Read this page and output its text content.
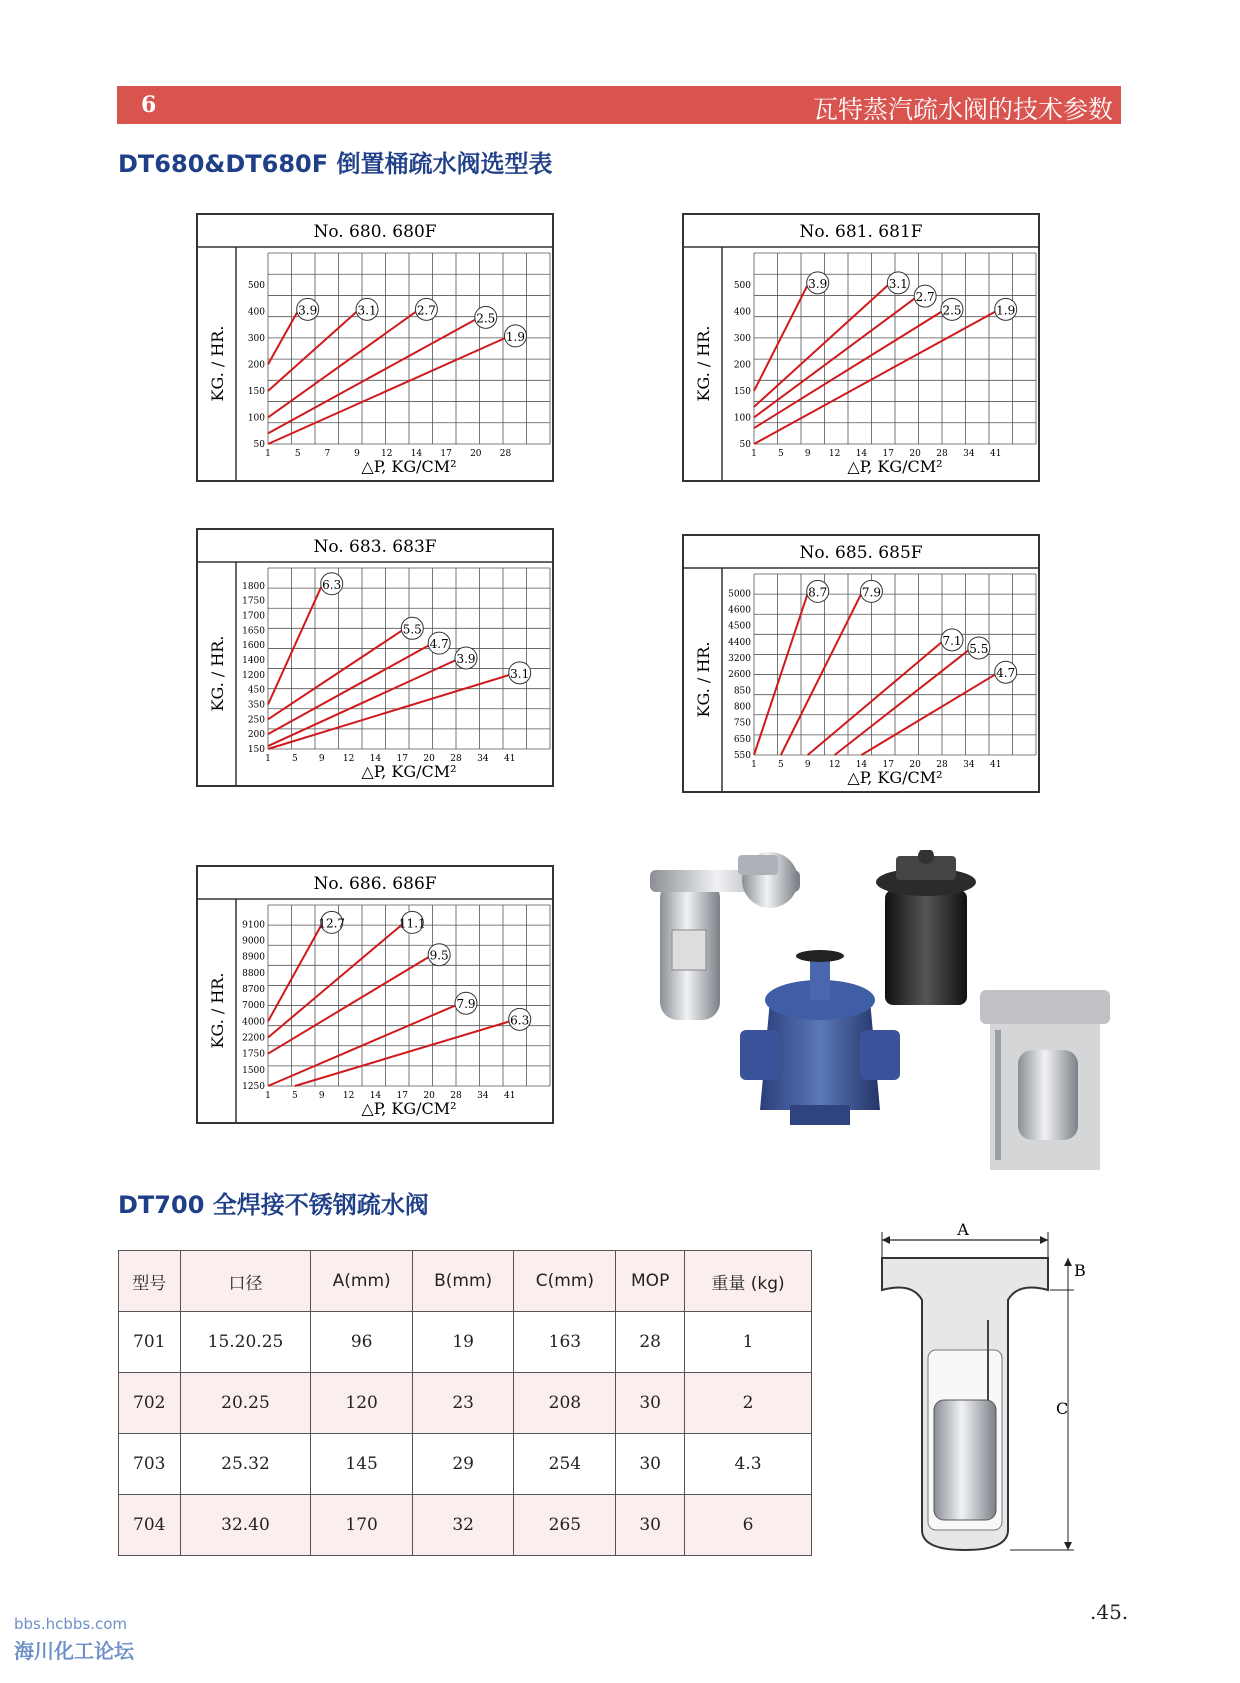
6	瓦特蒸汽疏水阀的技术参数
DT680&DT680F 倒置桶疏水阀选型表
No. 680. 680F
KG. / HR.
△P, KG/CM²
1	5	7	9 12 14 17 20 28
50
100
150
200
300
400
500
3.9	3.1	2.7
2.5
1.9
No. 681. 681F
KG. / HR.
△P, KG/CM²
1 5 9 12 14 17 20 28 34 41
50
100
150
200
300
400
500	3.9	3.1
2.7
2.5	1.9
No. 683. 683F
KG. / HR.
△P, KG/CM²
1 5 9 12 14 17 20 28 34 41
150
200
250
350
450
1200
1400
1600
1650
1700
1750
1800	6.3
5.5
4.7
3.9
3.1
No. 685. 685F
KG. / HR.
△P, KG/CM²
1 5 9 12 14 17 20 28 34 41
550
650
750
800
850
2600
3200
4400
4500
4600
5000	8.7	7.9
7.1
5.5
4.7
No. 686. 686F
KG. / HR.
△P, KG/CM²
1 5 9 12 14 17 20 28 34 41
1250
1500
1750
2200
4000
7000
8700
8800
8900
9000
9100	12.7	11.1
9.5
7.9
6.3
DT700 全焊接不锈钢疏水阀
型号	口径	A(mm)	B(mm)	C(mm)	MOP	重量 (kg)
701	15.20.25	96	19	163	28	1
702	20.25	120	23	208	30	2
703	25.32	145	29	254	30	4.3
704	32.40	170	32	265	30	6
A
B
C
.45.
bbs.hcbbs.com
海川化工论坛
